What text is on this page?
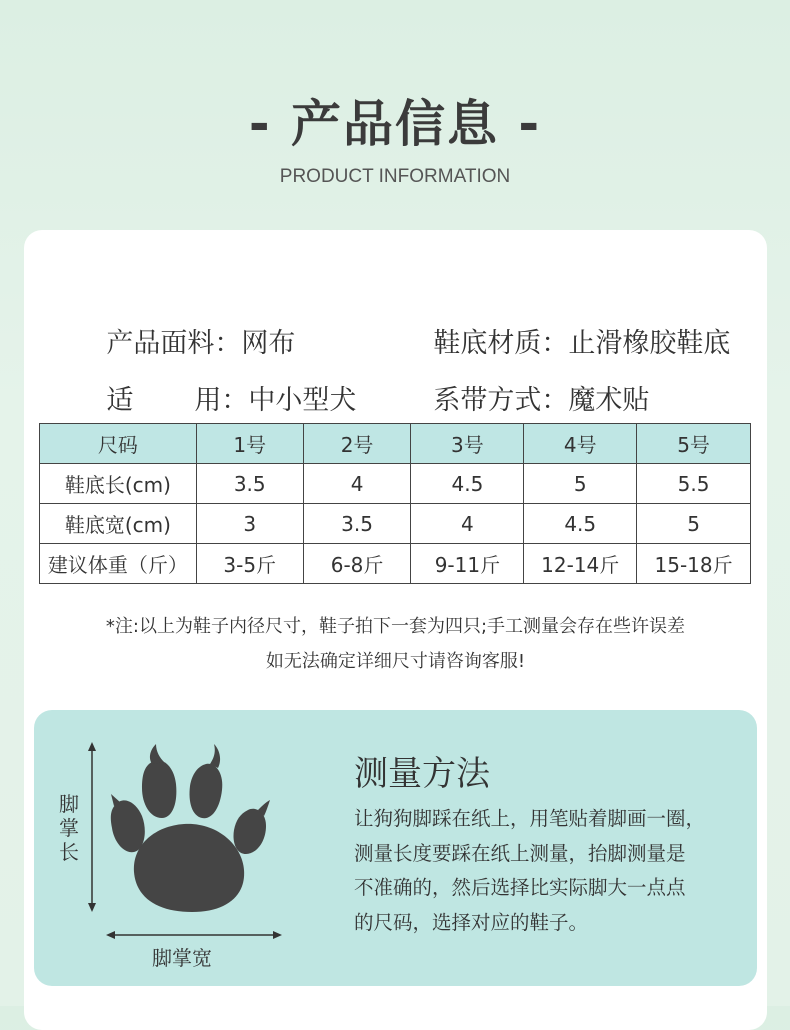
- 产品信息 -
PRODUCT INFORMATION

产品面料：网布
	鞋底材质：止滑橡胶鞋底

适 用：中小型犬
	系带方式：魔术贴

尺码	1号	2号	3号	4号	5号
鞋底长(cm)	3.5	4	4.5	5	5.5
鞋底宽(cm)	3	3.5	4	4.5	5
建议体重（斤）	3-5斤	6-8斤	9-11斤	12-14斤	15-18斤
*注:以上为鞋子内径尺寸，鞋子拍下一套为四只;手工测量会存在些许误差
如无法确定详细尺寸请咨询客服!
脚掌长
脚掌宽
测量方法
让狗狗脚踩在纸上，用笔贴着脚画一圈，
测量长度要踩在纸上测量，抬脚测量是
不准确的，然后选择比实际脚大一点点
的尺码，选择对应的鞋子。
